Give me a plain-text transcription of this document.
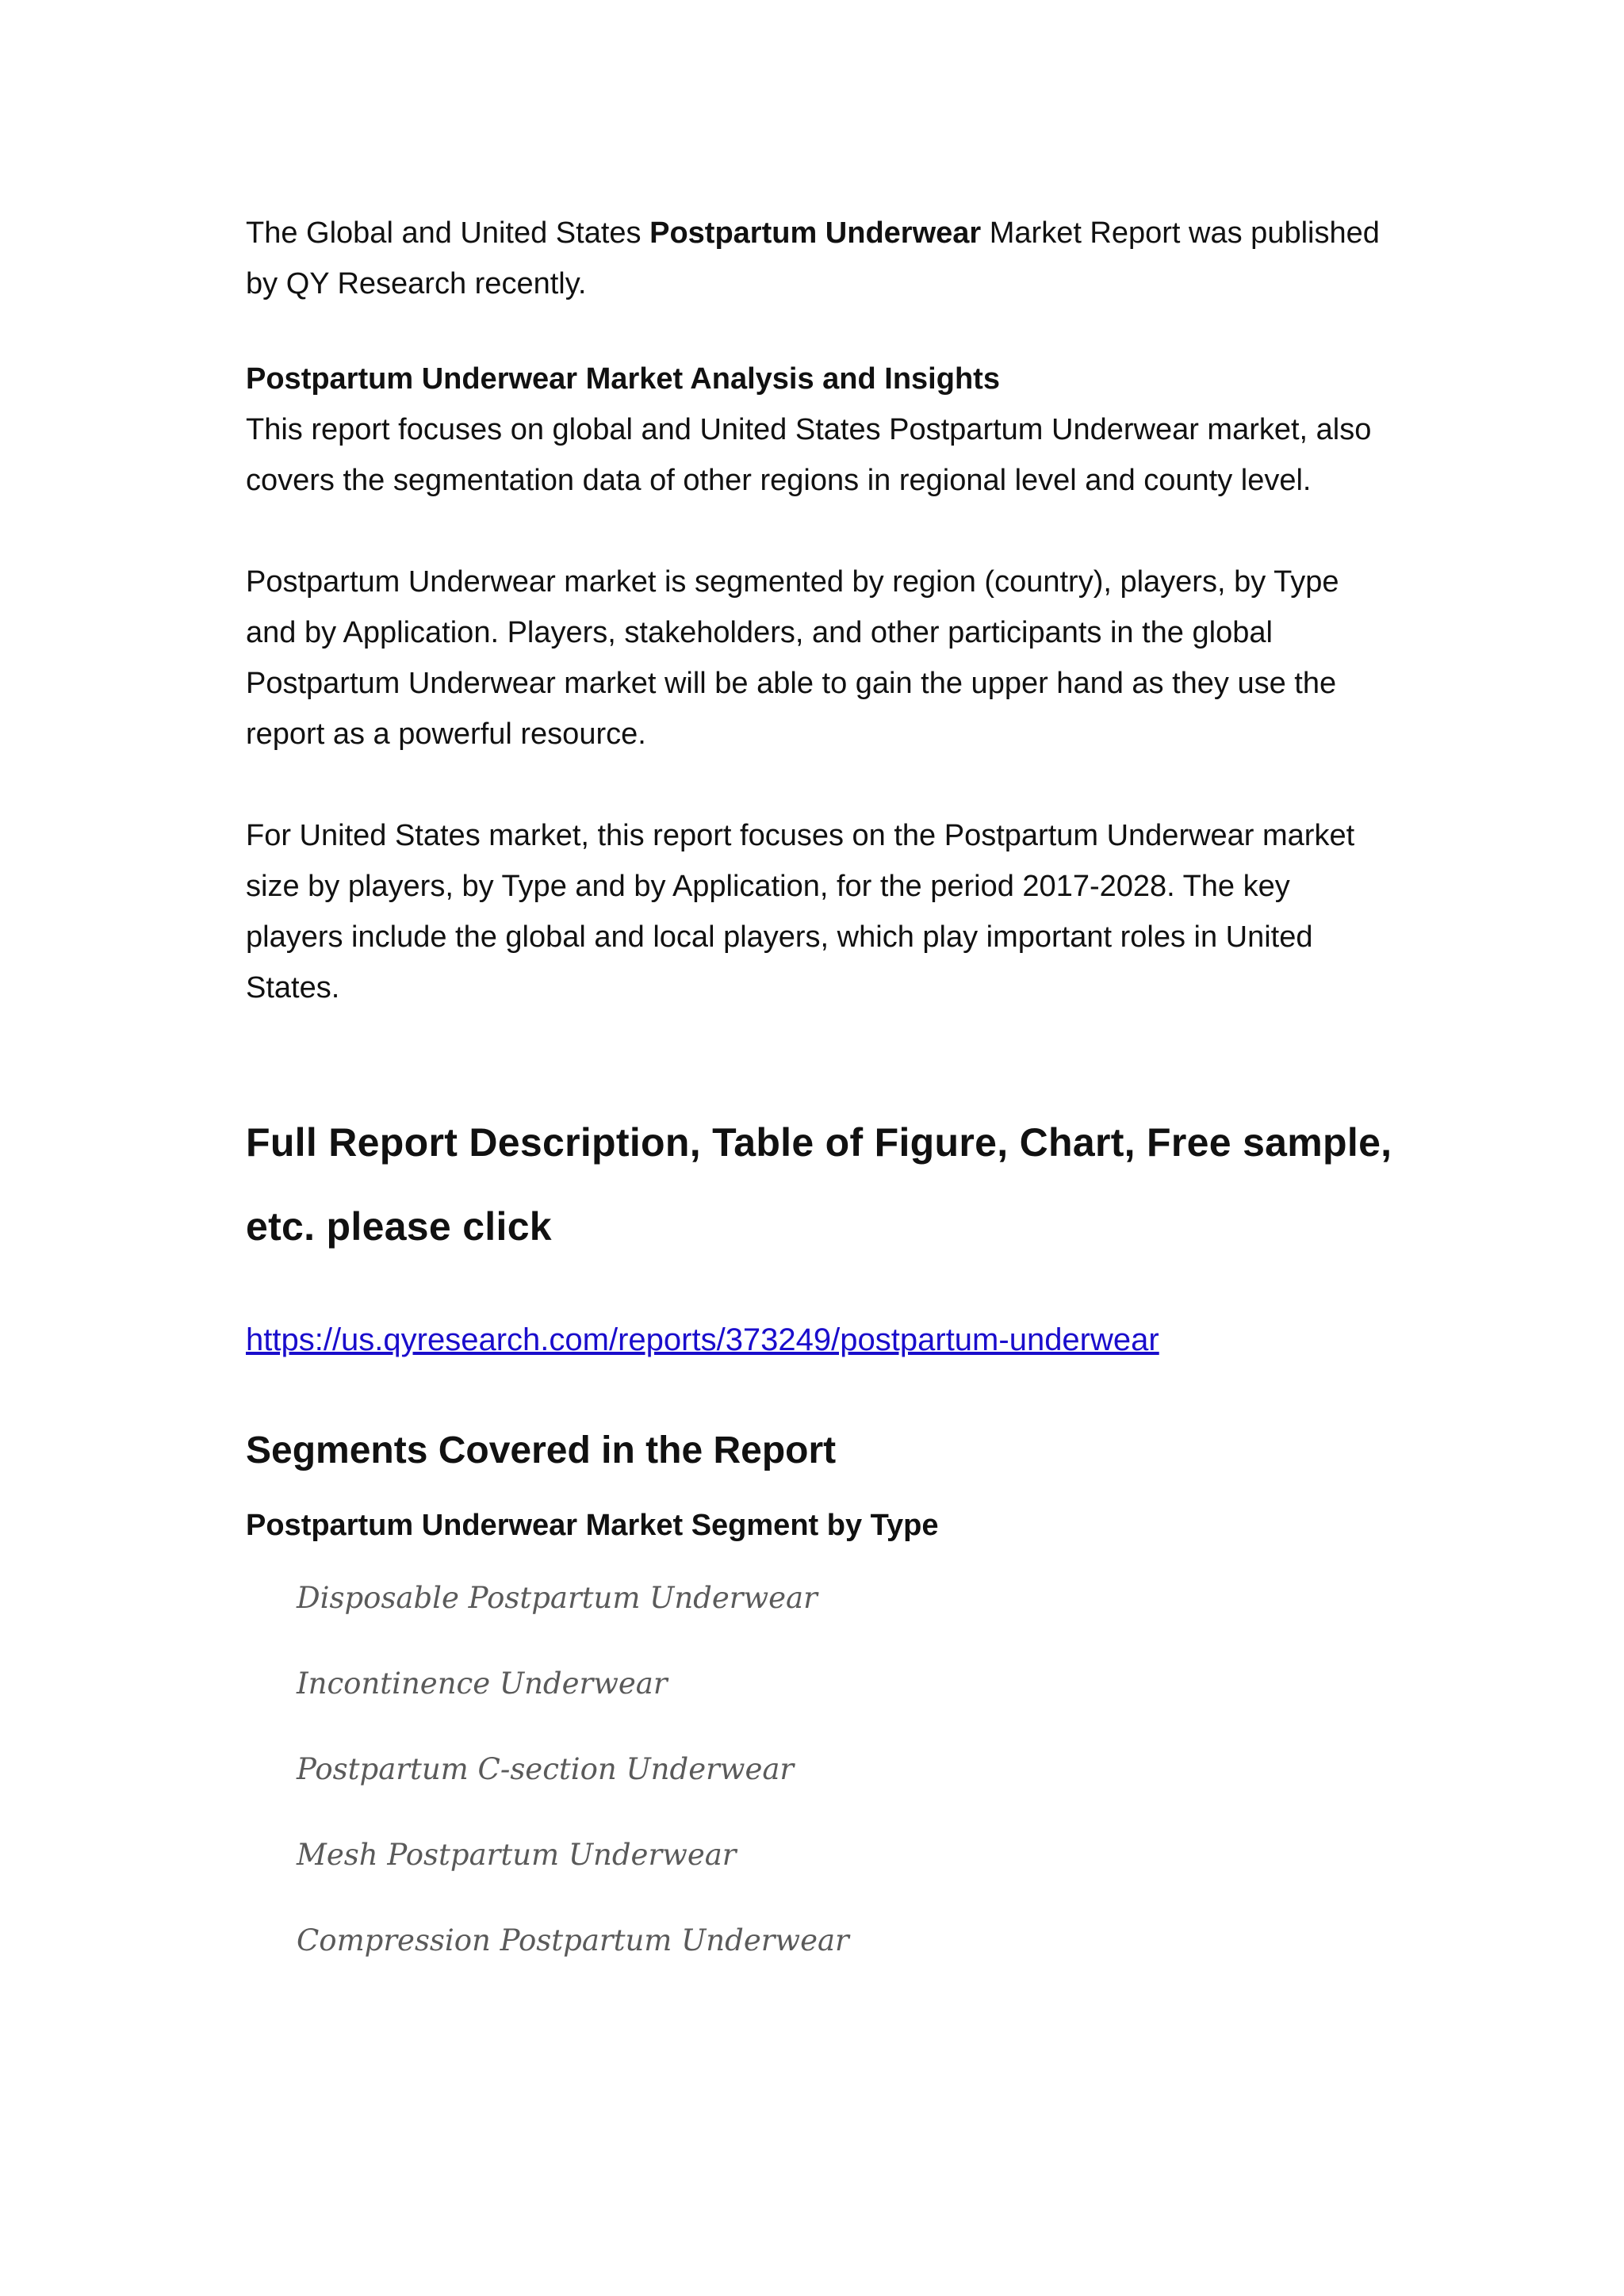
The Global and United States Postpartum Underwear Market Report was published
by QY Research recently.

Postpartum Underwear Market Analysis and Insights

This report focuses on global and United States Postpartum Underwear market, also
covers the segmentation data of other regions in regional level and county level.

Postpartum Underwear market is segmented by region (country), players, by Type
and by Application. Players, stakeholders, and other participants in the global
Postpartum Underwear market will be able to gain the upper hand as they use the
report as a powerful resource.

For United States market, this report focuses on the Postpartum Underwear market
size by players, by Type and by Application, for the period 2017-2028. The key
players include the global and local players, which play important roles in United
States.

Full Report Description, Table of Figure, Chart, Free sample,
etc. please click
https://us.qyresearch.com/reports/373249/postpartum-underwear
Segments Covered in the Report
Postpartum Underwear Market Segment by Type
Disposable Postpartum Underwear
Incontinence Underwear
Postpartum C-section Underwear
Mesh Postpartum Underwear
Compression Postpartum Underwear
